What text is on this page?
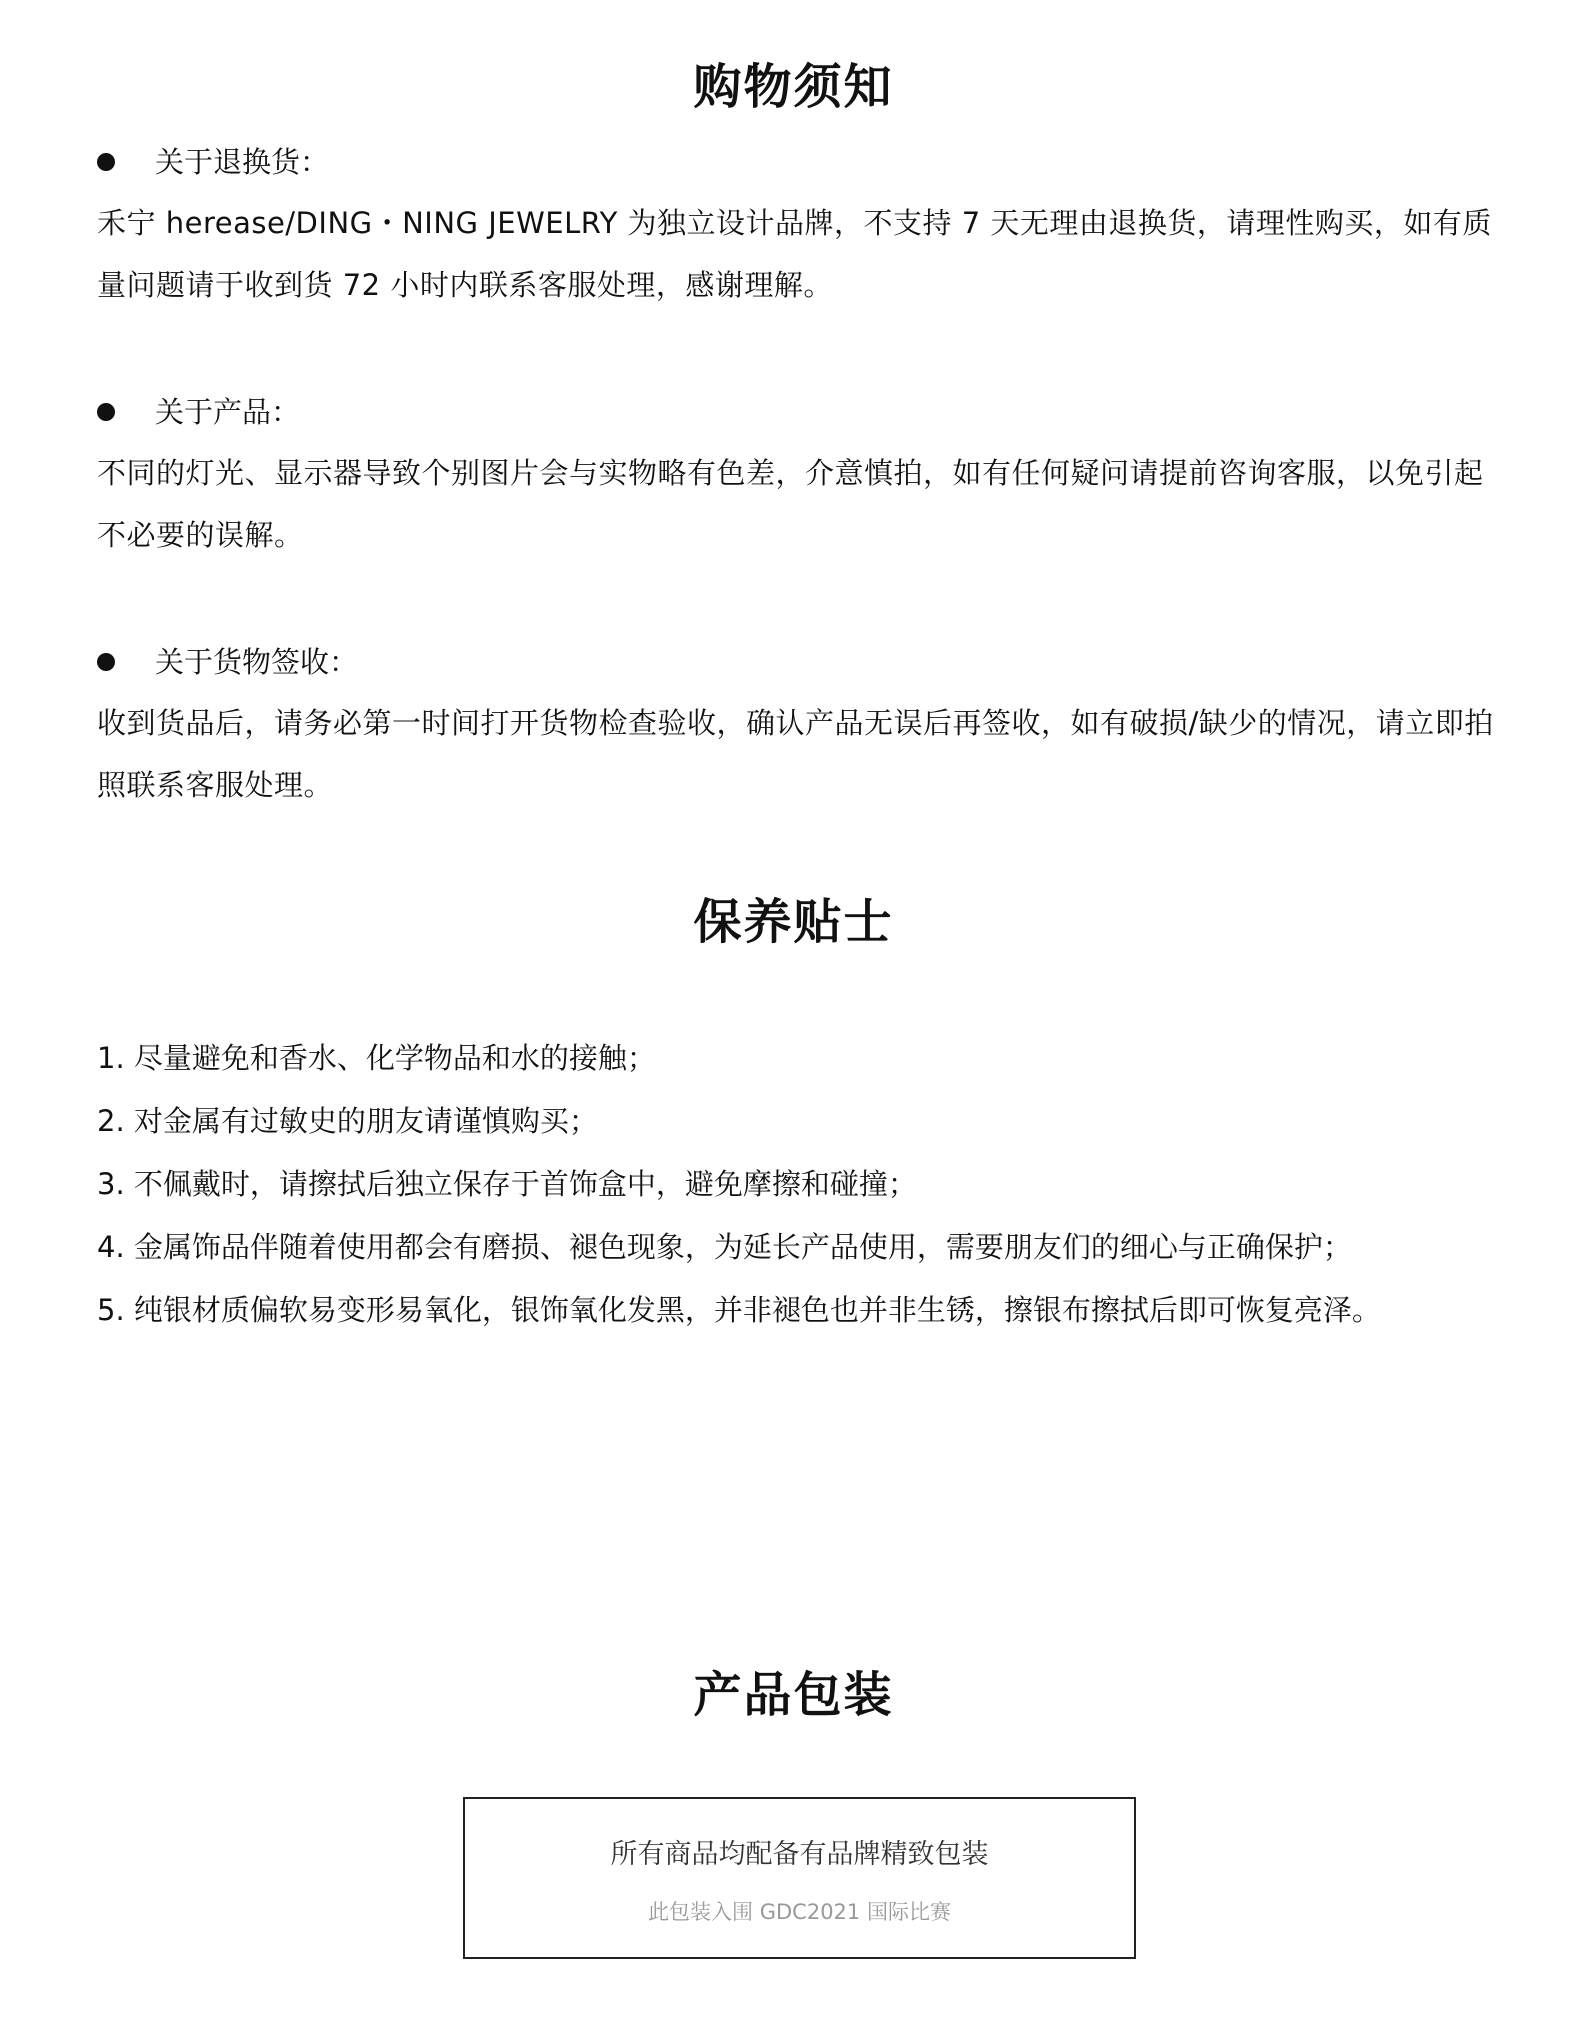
购物须知
关于退换货：
禾宁 herease/DING・NING JEWELRY 为独立设计品牌，不支持 7 天无理由退换货，请理性购买，如有质量问题请于收到货 72 小时内联系客服处理，感谢理解。
关于产品：
不同的灯光、显示器导致个别图片会与实物略有色差，介意慎拍，如有任何疑问请提前咨询客服，以免引起不必要的误解。
关于货物签收：
收到货品后，请务必第一时间打开货物检查验收，确认产品无误后再签收，如有破损/缺少的情况，请立即拍照联系客服处理。
保养贴士
1. 尽量避免和香水、化学物品和水的接触；
2. 对金属有过敏史的朋友请谨慎购买；
3. 不佩戴时，请擦拭后独立保存于首饰盒中，避免摩擦和碰撞；
4. 金属饰品伴随着使用都会有磨损、褪色现象，为延长产品使用，需要朋友们的细心与正确保护；
5. 纯银材质偏软易变形易氧化，银饰氧化发黑，并非褪色也并非生锈，擦银布擦拭后即可恢复亮泽。
产品包装
所有商品均配备有品牌精致包装
此包装入围 GDC2021 国际比赛
